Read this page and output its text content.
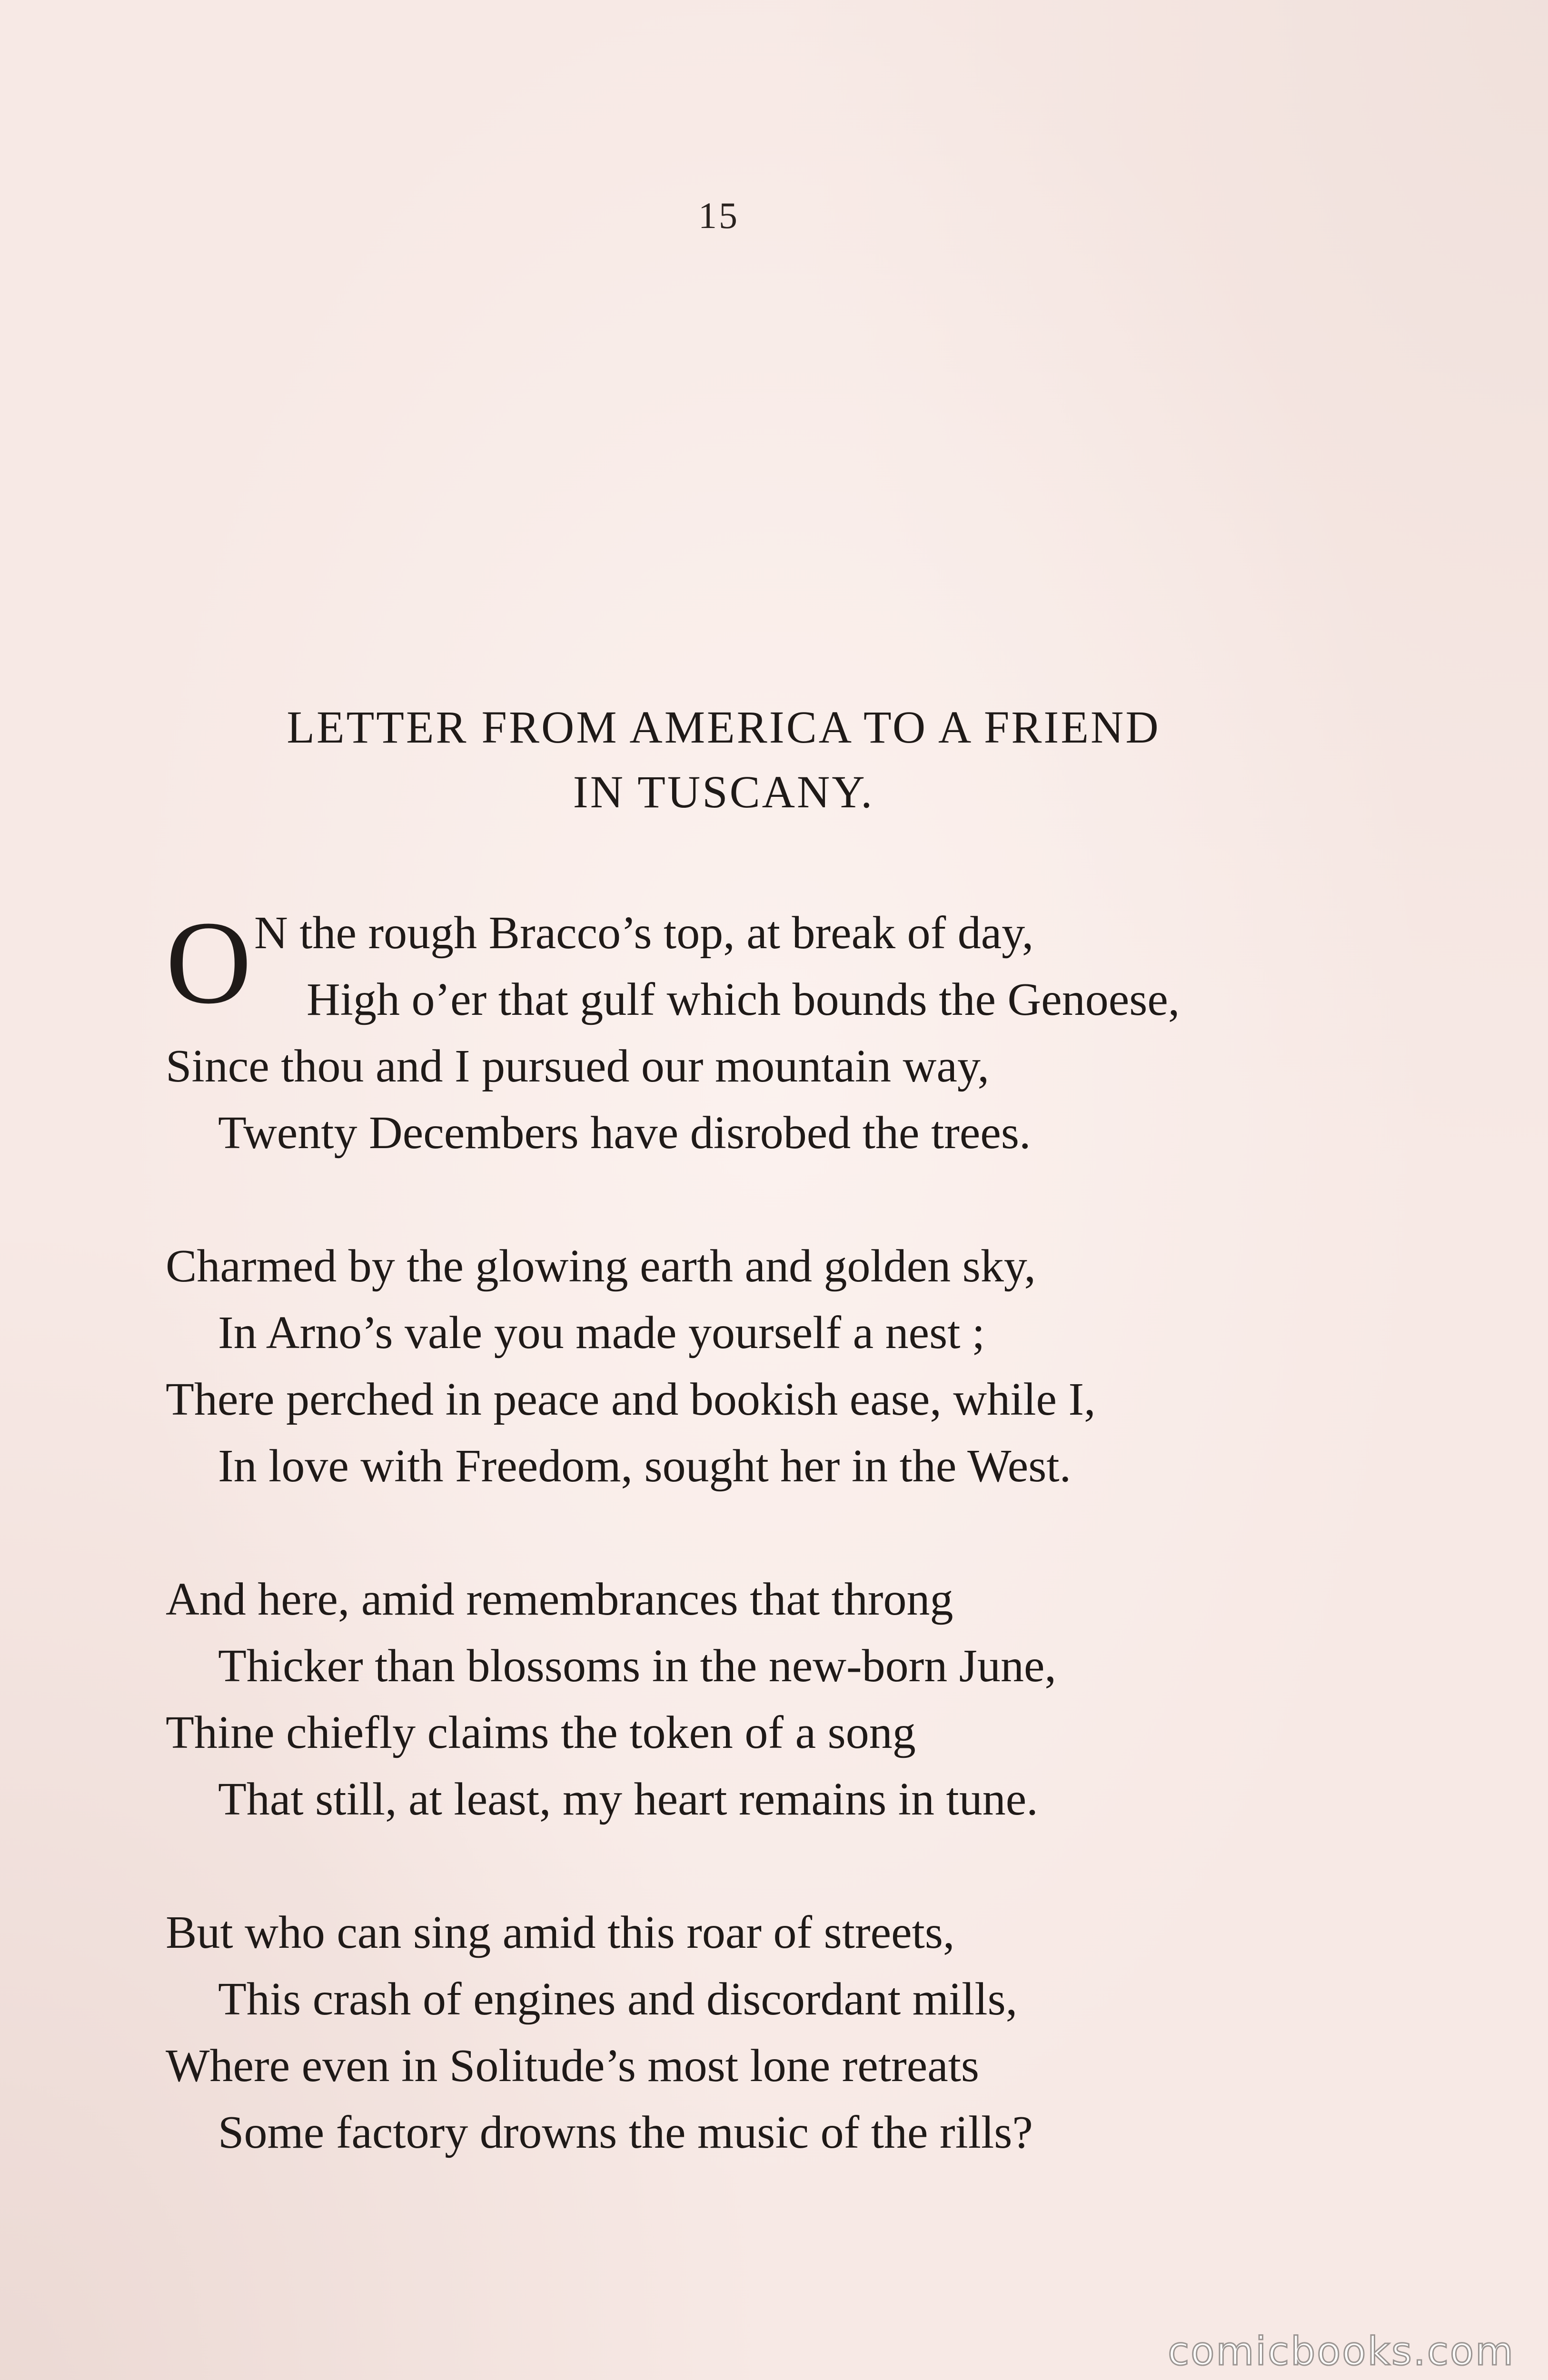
15
LETTER FROM AMERICA TO A FRIEND
IN TUSCANY.
O N the rough Bracco’s top, at break of day,
High o’er that gulf which bounds the Genoese,
Since thou and I pursued our mountain way,
Twenty Decembers have disrobed the trees.
Charmed by the glowing earth and golden sky,
In Arno’s vale you made yourself a nest ;
There perched in peace and bookish ease, while I,
In love with Freedom, sought her in the West.
And here, amid remembrances that throng
Thicker than blossoms in the new-born June,
Thine chiefly claims the token of a song
That still, at least, my heart remains in tune.
But who can sing amid this roar of streets,
This crash of engines and discordant mills,
Where even in Solitude’s most lone retreats
Some factory drowns the music of the rills?
comicbooks.com
